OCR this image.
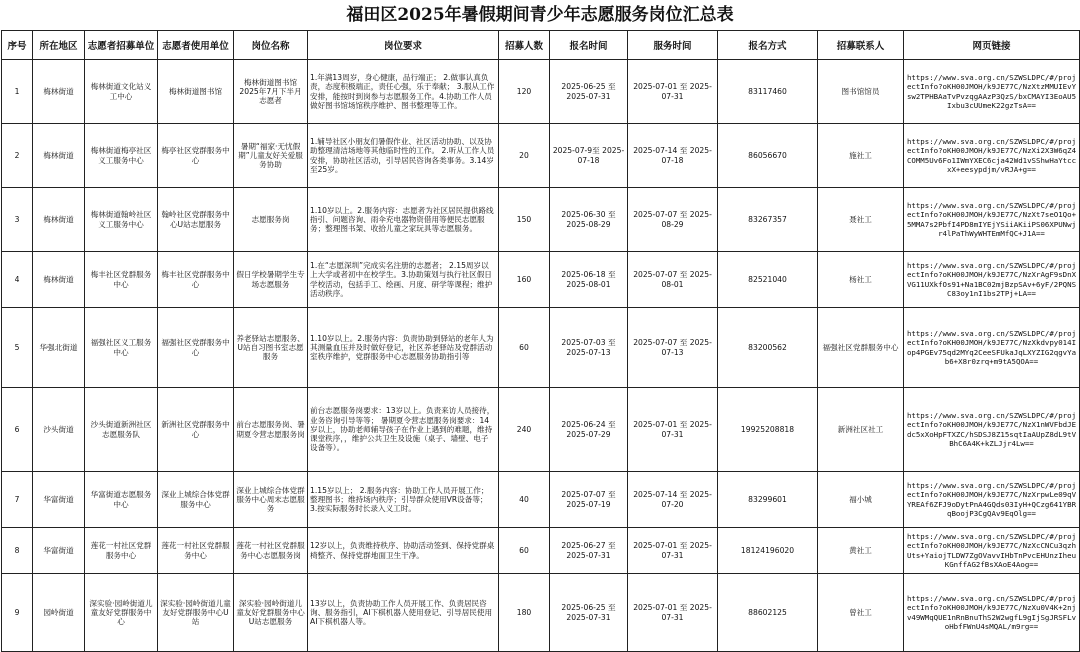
福田区2025年暑假期间青少年志愿服务岗位汇总表
序号	所在地区	志愿者招募单位	志愿者使用单位	岗位名称	岗位要求	招募人数	报名时间	服务时间	报名方式	招募联系人	网页链接
1	梅林街道	梅林街道文化站义工中心	梅林街道图书馆	梅林街道图书馆2025年7月下半月志愿者	1.年满13周岁，身心健康，品行端正； 2.做事认真负责，态度积极端正，责任心强，乐于奉献； 3.服从工作安排，能按时到岗参与志愿服务工作。4.协助工作人员做好图书馆场馆秩序维护、图书整理等工作。	120	2025-06-25 至 2025-07-31	2025-07-01 至 2025-07-31	83117460	图书馆馆员	https://www.sva.org.cn/SZWSLDPC/#/projectInfo?oKH00JMOH/k9JE77C/NzXtzMMUIEvYsw2TPHBAaTvPvzqgAAzP3QzS/bxCMAYI3EoAU5Ixbu3cUUmeK22gzTsA==
2	梅林街道	梅林街道梅亭社区义工服务中心	梅亭社区党群服务中心	暑期“福家·无忧假期”儿童友好关爱服务协助	1.辅导社区小朋友们暑假作业、社区活动协助、以及协助整理清洁场地等其他临时性的工作。 2.听从工作人员安排，协助社区活动，引导居民咨询各类事务。3.14岁至25岁。	20	2025-07-9至 2025-07-18	2025-07-14 至 2025-07-18	86056670	施社工	https://www.sva.org.cn/SZWSLDPC/#/projectInfo?oKH00JMOH/k9JE77C/NzXi2X3W6qZ4COMM5Uv6Fo1IWmYXEC6cja42Wd1vSShwHaYtccxX+eesypdjm/vRJA+g==
3	梅林街道	梅林街道翰岭社区义工服务中心	翰岭社区党群服务中心U站志愿服务	志愿服务岗	1.10岁以上。2.服务内容：志愿者为社区居民提供路线指引、问题咨询、雨伞充电器物资借用等便民志愿服务；整理图书架、收拾儿童之家玩具等志愿服务。	150	2025-06-30 至 2025-08-29	2025-07-07 至 2025-08-29	83267357	聂社工	https://www.sva.org.cn/SZWSLDPC/#/projectInfo?oKH00JMOH/k9JE77C/NzXt7seO1Qo+5MMA7s2PbfI4PD8mIYEjYSiiAKiiPS06XPUNwjr4lPaThWyWHTEmMfQC+J1A==
4	梅林街道	梅丰社区党群服务中心	梅丰社区党群服务中心	假日学校暑期学生专场志愿服务	1.在“志愿深圳”完成实名注册的志愿者； 2.15周岁以上大学或者初中在校学生。3.协助策划与执行社区假日学校活动，包括手工、绘画、月度、研学等课程；维护活动秩序。	160	2025-06-18 至 2025-08-01	2025-07-07 至 2025-08-01	82521040	杨社工	https://www.sva.org.cn/SZWSLDPC/#/projectInfo?oKH00JMOH/k9JE77C/NzXrAgF9sDnXVG11UXkfOs91+Na1BC02mjBzpSAv+6yF/2PQNSC83oy1nI1bs2TPj+LA==
5	华强北街道	福强社区义工服务中心	福强社区党群服务中心	养老驿站志愿服务、U站自习图书室志愿服务	1.10岁以上。2.服务内容：负责协助到驿站的老年人为其测量血压并及时做好登记，社区养老驿站及党群活动室秩序维护，党群服务中心志愿服务协助指引等	60	2025-07-03 至 2025-07-13	2025-07-07 至 2025-07-13	83200562	福强社区党群服务中心	https://www.sva.org.cn/SZWSLDPC/#/projectInfo?oKH00JMOH/k9JE77C/NzXkdvpy014Iop4PGEv75qd2MYq2CeeSFUkaJqLXYZIG2qgvYab6+X8r0zrq+m9tA5QOA==
6	沙头街道	沙头街道新洲社区志愿服务队	新洲社区党群服务中心	前台志愿服务岗、暑期夏令营志愿服务岗	前台志愿服务岗要求：13岁以上。负责来访人员接待，业务咨询引导等等； 暑期夏令营志愿服务岗要求：14岁以上，协助老师辅导孩子在作业上遇到的难题，维持课堂秩序，，维护公共卫生及设施（桌子、墙壁、电子设备等）。	240	2025-06-24 至 2025-07-29	2025-07-01 至 2025-07-31	19925208818	新洲社区社工	https://www.sva.org.cn/SZWSLDPC/#/projectInfo?oKH00JMOH/k9JE77C/NzX1nWVFbdJEdc5xXoHpFTXZC/hSDSJ8Z15sqtIaAUpZ8dL9tVBhC6A4K+kZLJjr4Lw==
7	华富街道	华富街道志愿服务中心	深业上城综合体党群服务中心	深业上城综合体党群服务中心周末志愿服务	1.15岁以上； 2.服务内容：协助工作人员开展工作；整理图书；维持场内秩序；引导群众使用VR设备等； 3.按实际服务时长录入义工时。	40	2025-07-07 至 2025-07-19	2025-07-14 至 2025-07-20	83299601	福小城	https://www.sva.org.cn/SZWSLDPC/#/projectInfo?oKH00JMOH/k9JE77C/NzXrpwLe09qVYREAf6ZFJ9oDytPnA4GQds03IyH+QCzg641YBRqBoojP3CgQAv9EqOlg==
8	华富街道	莲花一村社区党群服务中心	莲花一村社区党群服务中心	莲花一村社区党群服务中心志愿服务岗	12岁以上，负责维持秩序、协助活动签到、保持党群桌椅整齐、保持党群地面卫生干净。	60	2025-06-27 至 2025-07-31	2025-07-01 至 2025-07-31	18124196020	黄社工	https://www.sva.org.cn/SZWSLDPC/#/projectInfo?oKH00JMOH/k9JE77C/NzXcCNCu3qzhUts+YaiojTLDW7ZgOVavvIHbTnPvcEHUnzIheuKGnffAG2fBsXAoE4Aog==
9	园岭街道	深实验·园岭街道儿童友好党群服务中心	深实验·园岭街道儿童友好党群服务中心U站	深实验·园岭街道儿童友好党群服务中心U站志愿服务	13岁以上，负责协助工作人员开展工作、负责居民咨询、服务指引，AI下棋机器人使用登记、引导居民使用AI下棋机器人等。	180	2025-06-25 至 2025-07-31	2025-07-01 至 2025-07-31	88602125	曾社工	https://www.sva.org.cn/SZWSLDPC/#/projectInfo?oKH00JMOH/k9JE77C/NzXu0V4K+2njv49WMqQUE1nRnBnuThS2W2wgfL9gIjSgJRSFLvoHbfFWnU4sMQAL/m9rg==
